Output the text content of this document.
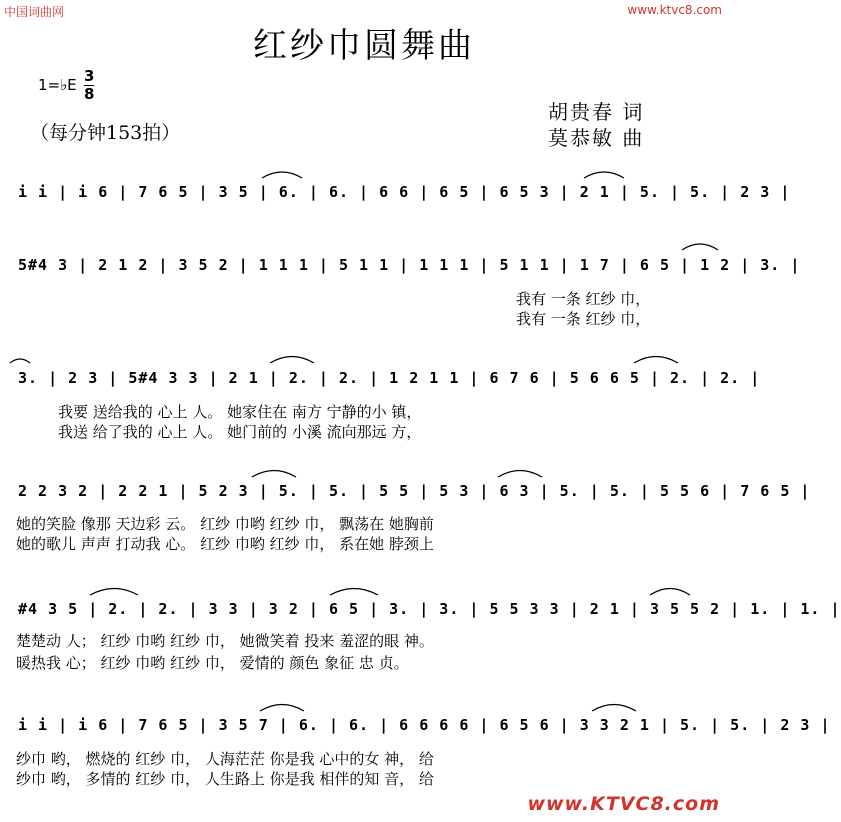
中国词曲网	www.ktvc8.com
红纱巾圆舞曲
1=♭E 3
8
（每分钟153拍）
胡贵春 词
莫恭敏 曲
i i | i 6 | 7 6 5 | 3 5 | 6. | 6. | 6 6 | 6 5 | 6 5 3 | 2 1 | 5. | 5. | 2 3 |
5#4 3 | 2 1 2 | 3 5 2 | 1 1 1 | 5 1 1 | 1 1 1 | 5 1 1 | 1 7 | 6 5 | 1 2 | 3. |
我有 一条 红纱 巾，
我有 一条 红纱 巾，
3. | 2 3 | 5#4 3 3 | 2 1 | 2. | 2. | 1 2 1 1 | 6 7 6 | 5 6 6 5 | 2. | 2. |
我要 送给我的 心上 人。 她家住在 南方 宁静的小 镇，
我送 给了我的 心上 人。 她门前的 小溪 流向那远 方，
2 2 3 2 | 2 2 1 | 5 2 3 | 5. | 5. | 5 5 | 5 3 | 6 3 | 5. | 5. | 5 5 6 | 7 6 5 |
她的笑脸 像那 天边彩 云。 红纱 巾哟 红纱 巾， 飘荡在 她胸前
她的歌儿 声声 打动我 心。 红纱 巾哟 红纱 巾， 系在她 脖颈上
#4 3 5 | 2. | 2. | 3 3 | 3 2 | 6 5 | 3. | 3. | 5 5 3 3 | 2 1 | 3 5 5 2 | 1. | 1. |
楚楚动 人； 红纱 巾哟 红纱 巾， 她微笑着 投来 羞涩的眼 神。
暖热我 心； 红纱 巾哟 红纱 巾， 爱情的 颜色 象征 忠 贞。
i i | i 6 | 7 6 5 | 3 5 7 | 6. | 6. | 6 6 6 6 | 6 5 6 | 3 3 2 1 | 5. | 5. | 2 3 |
纱巾 哟， 燃烧的 红纱 巾， 人海茫茫 你是我 心中的女 神， 给
纱巾 哟， 多情的 红纱 巾， 人生路上 你是我 相伴的知 音， 给
www.KTVC8.com
